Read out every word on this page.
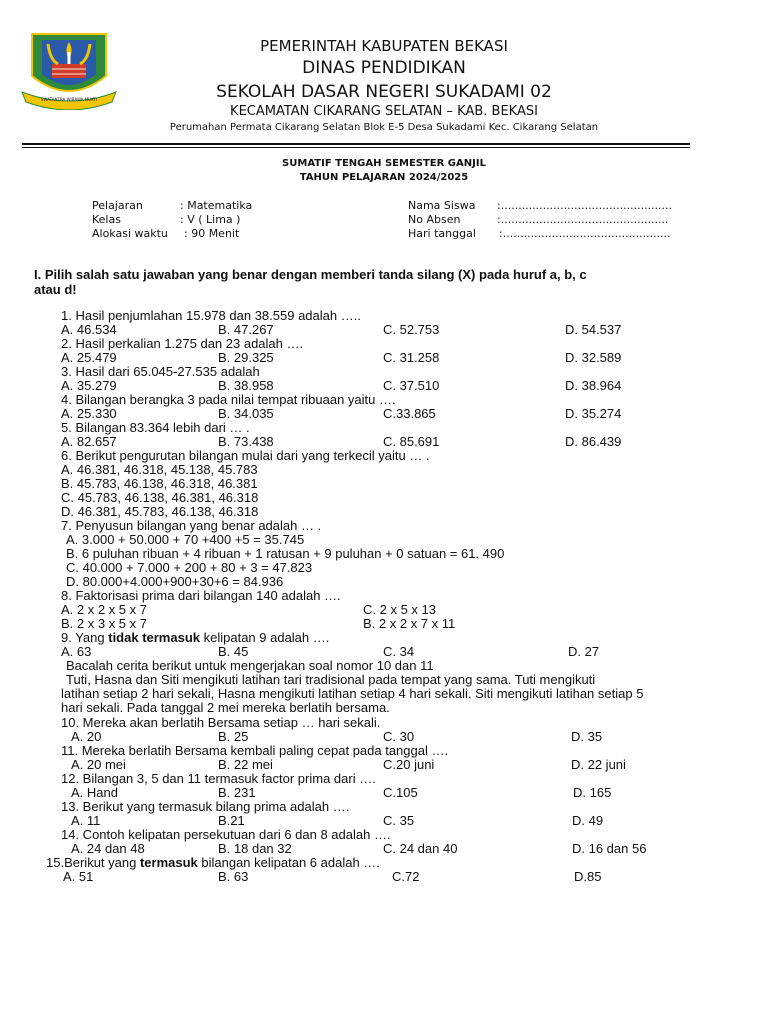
SWATANTRA WIBAWA MUKTI
PEMERINTAH KABUPATEN BEKASI
DINAS PENDIDIKAN
SEKOLAH DASAR NEGERI SUKADAMI 02
KECAMATAN CIKARANG SELATAN – KAB. BEKASI
Perumahan Permata Cikarang Selatan Blok E-5 Desa Sukadami Kec. Cikarang Selatan
SUMATIF TENGAH SEMESTER GANJIL
TAHUN PELAJARAN 2024/2025
Pelajaran	: Matematika
Kelas	: V ( Lima )
Alokasi waktu : 90 Menit
Nama Siswa :.................................................
No Absen	:................................................
Hari tanggal :................................................
I. Pilih salah satu jawaban yang benar dengan memberi tanda silang (X) pada huruf a, b, c
atau d!
1. Hasil penjumlahan 15.978 dan 38.559 adalah …..
A. 46.534	B. 47.267	C. 52.753	D. 54.537
2. Hasil perkalian 1.275 dan 23 adalah ….
A. 25.479	B. 29.325	C. 31.258	D. 32.589
3. Hasil dari 65.045-27.535 adalah
A. 35.279	B. 38.958	C. 37.510	D. 38.964
4. Bilangan berangka 3 pada nilai tempat ribuaan yaitu ….
A. 25.330	B. 34.035	C.33.865	D. 35.274
5. Bilangan 83.364 lebih dari … .
A. 82.657	B. 73.438	C. 85.691	D. 86.439
6. Berikut pengurutan bilangan mulai dari yang terkecil yaitu … .
A. 46.381, 46.318, 45.138, 45.783
B. 45.783, 46.138, 46.318, 46.381
C. 45.783, 46.138, 46.381, 46.318
D. 46.381, 45.783, 46.138, 46.318
7. Penyusun bilangan yang benar adalah … .
A. 3.000 + 50.000 + 70 +400 +5 = 35.745
B. 6 puluhan ribuan + 4 ribuan + 1 ratusan + 9 puluhan + 0 satuan = 61. 490
C. 40.000 + 7.000 + 200 + 80 + 3 = 47.823
D. 80.000+4.000+900+30+6 = 84.936
8. Faktorisasi prima dari bilangan 140 adalah ….
A. 2 x 2 x 5 x 7	C. 2 x 5 x 13
B. 2 x 3 x 5 x 7	B. 2 x 2 x 7 x 11
9. Yang tidak termasuk kelipatan 9 adalah ….
A. 63	B. 45	C. 34	D. 27
Bacalah cerita berikut untuk mengerjakan soal nomor 10 dan 11
Tuti, Hasna dan Siti mengikuti latihan tari tradisional pada tempat yang sama. Tuti mengikuti
latihan setiap 2 hari sekali, Hasna mengikuti latihan setiap 4 hari sekali. Siti mengikuti latihan setiap 5
hari sekali. Pada tanggal 2 mei mereka berlatih bersama.
10. Mereka akan berlatih Bersama setiap … hari sekali.
A. 20	B. 25	C. 30	D. 35
11. Mereka berlatih Bersama kembali paling cepat pada tanggal ….
A. 20 mei	B. 22 mei	C.20 juni	D. 22 juni
12. Bilangan 3, 5 dan 11 termasuk factor prima dari ….
A. Hand	B. 231	C.105	D. 165
13. Berikut yang termasuk bilang prima adalah ….
A. 11	B.21	C. 35	D. 49
14. Contoh kelipatan persekutuan dari 6 dan 8 adalah ….
A. 24 dan 48	B. 18 dan 32	C. 24 dan 40	D. 16 dan 56
15.Berikut yang termasuk bilangan kelipatan 6 adalah ….
A. 51	B. 63	C.72	D.85
